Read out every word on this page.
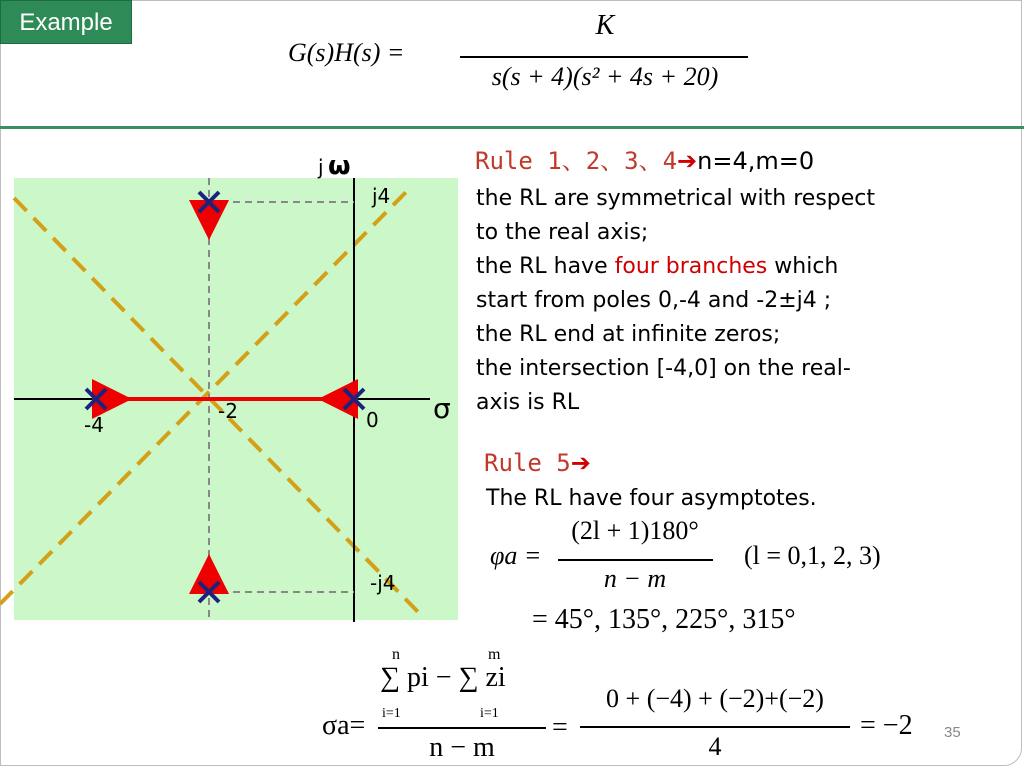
Example
G(s)H(s) =
K
s(s + 4)(s² + 4s + 20)
j ω
j4
-j4
-4
-2	0 σ
Rule 1、2、3、4➔n=4,m=0
the RL are symmetrical with respect
to the real axis;
the RL have four branches which
start from poles 0,-4 and -2±j4 ;
the RL end at infinite zeros;
the intersection [-4,0] on the real-
axis is RL
Rule 5➔
The RL have four asymptotes.
φa =
(2l + 1)180°
n − m
(l = 0,1, 2, 3)
= 45°, 135°, 225°, 315°
σa=
n	m
∑ pi − ∑ zi
i=1	i=1
n − m
=
0 + (−4) + (−2)+(−2)
4
= −2 35
